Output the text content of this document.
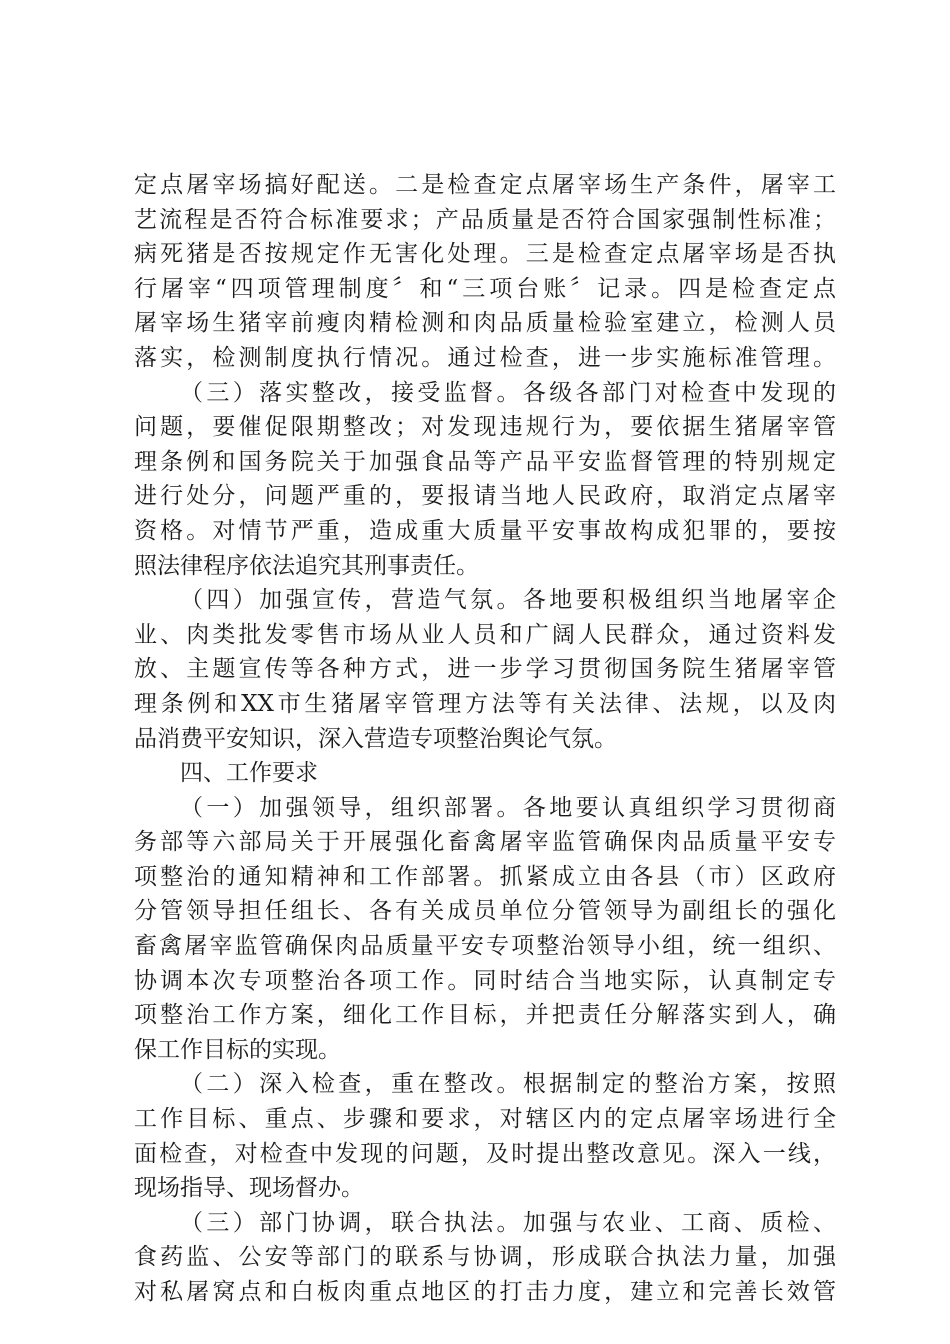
定点屠宰场搞好配送。二是检查定点屠宰场生产条件，屠宰工
艺流程是否符合标准要求；产品质量是否符合国家强制性标准；
病死猪是否按规定作无害化处理。三是检查定点屠宰场是否执
行屠宰“四项管理制度〞和“三项台账〞记录。四是检查定点
屠宰场生猪宰前瘦肉精检测和肉品质量检验室建立，检测人员
落实，检测制度执行情况。通过检查，进一步实施标准管理。
（三）落实整改，接受监督。各级各部门对检查中发现的
问题，要催促限期整改；对发现违规行为，要依据生猪屠宰管
理条例和国务院关于加强食品等产品平安监督管理的特别规定
进行处分，问题严重的，要报请当地人民政府，取消定点屠宰
资格。对情节严重，造成重大质量平安事故构成犯罪的，要按
照法律程序依法追究其刑事责任。
（四）加强宣传，营造气氛。各地要积极组织当地屠宰企
业、肉类批发零售市场从业人员和广阔人民群众，通过资料发
放、主题宣传等各种方式，进一步学习贯彻国务院生猪屠宰管
理条例和XX市生猪屠宰管理方法等有关法律、法规，以及肉
品消费平安知识，深入营造专项整治舆论气氛。
四、工作要求
（一）加强领导，组织部署。各地要认真组织学习贯彻商
务部等六部局关于开展强化畜禽屠宰监管确保肉品质量平安专
项整治的通知精神和工作部署。抓紧成立由各县（市）区政府
分管领导担任组长、各有关成员单位分管领导为副组长的强化
畜禽屠宰监管确保肉品质量平安专项整治领导小组，统一组织、
协调本次专项整治各项工作。同时结合当地实际，认真制定专
项整治工作方案，细化工作目标，并把责任分解落实到人，确
保工作目标的实现。
（二）深入检查，重在整改。根据制定的整治方案，按照
工作目标、重点、步骤和要求，对辖区内的定点屠宰场进行全
面检查，对检查中发现的问题，及时提出整改意见。深入一线，
现场指导、现场督办。
（三）部门协调，联合执法。加强与农业、工商、质检、
食药监、公安等部门的联系与协调，形成联合执法力量，加强
对私屠窝点和白板肉重点地区的打击力度，建立和完善长效管
